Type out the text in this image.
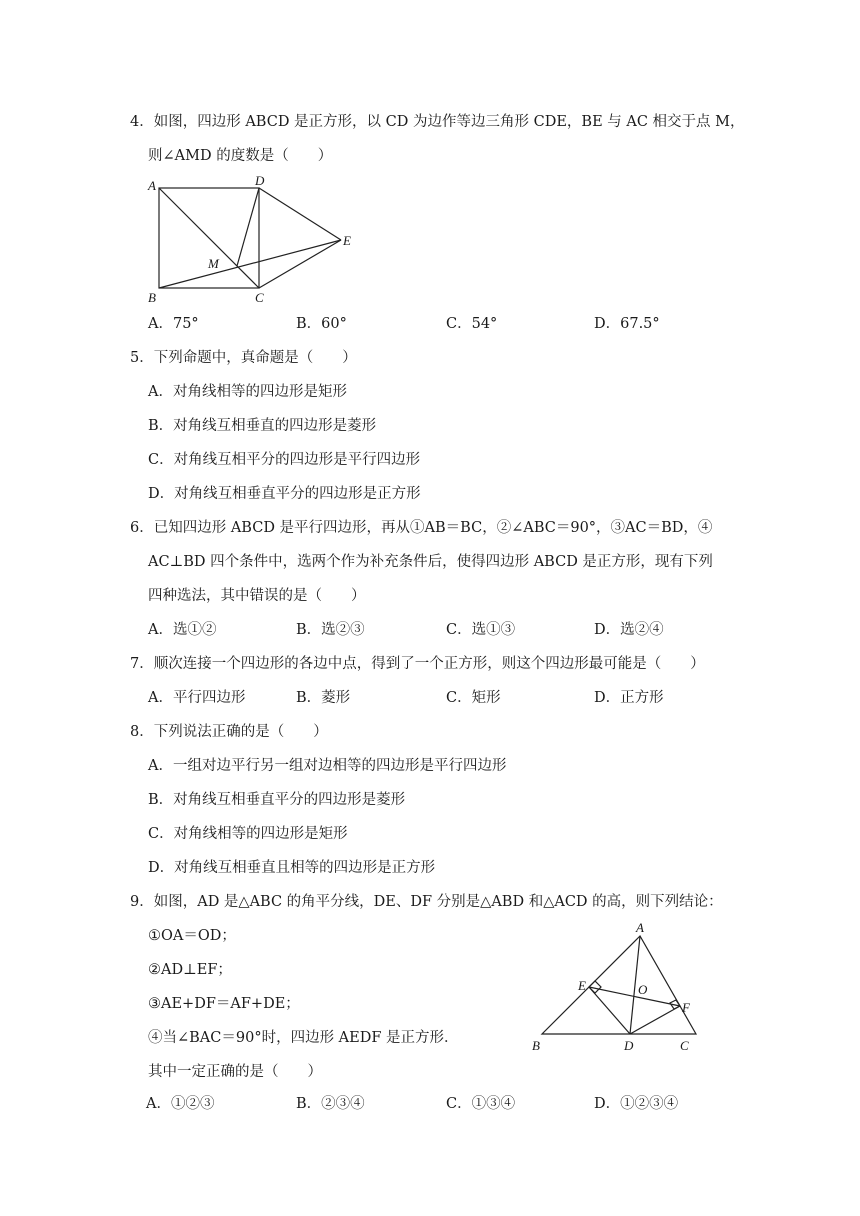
4．如图，四边形 ABCD 是正方形，以 CD 为边作等边三角形 CDE，BE 与 AC 相交于点 M，
则∠AMD 的度数是（　　）
A	D
E
M
B	C
A．75°	B．60°	C．54°	D．67.5°
5．下列命题中，真命题是（　　）
A．对角线相等的四边形是矩形
B．对角线互相垂直的四边形是菱形
C．对角线互相平分的四边形是平行四边形
D．对角线互相垂直平分的四边形是正方形
6．已知四边形 ABCD 是平行四边形，再从①AB＝BC，②∠ABC＝90°，③AC＝BD，④
AC⊥BD 四个条件中，选两个作为补充条件后，使得四边形 ABCD 是正方形，现有下列
四种选法，其中错误的是（　　）
A．选①②	B．选②③	C．选①③	D．选②④
7．顺次连接一个四边形的各边中点，得到了一个正方形，则这个四边形最可能是（　　）
A．平行四边形	B．菱形	C．矩形	D．正方形
8．下列说法正确的是（　　）
A．一组对边平行另一组对边相等的四边形是平行四边形
B．对角线互相垂直平分的四边形是菱形
C．对角线相等的四边形是矩形
D．对角线互相垂直且相等的四边形是正方形
9．如图，AD 是△ABC 的角平分线，DE、DF 分别是△ABD 和△ACD 的高，则下列结论：
①OA＝OD；
②AD⊥EF；
③AE+DF＝AF+DE；
④当∠BAC＝90°时，四边形 AEDF 是正方形．
其中一定正确的是（　　）
A
E	O
F
B	D	C
A．①②③	B．②③④	C．①③④	D．①②③④
